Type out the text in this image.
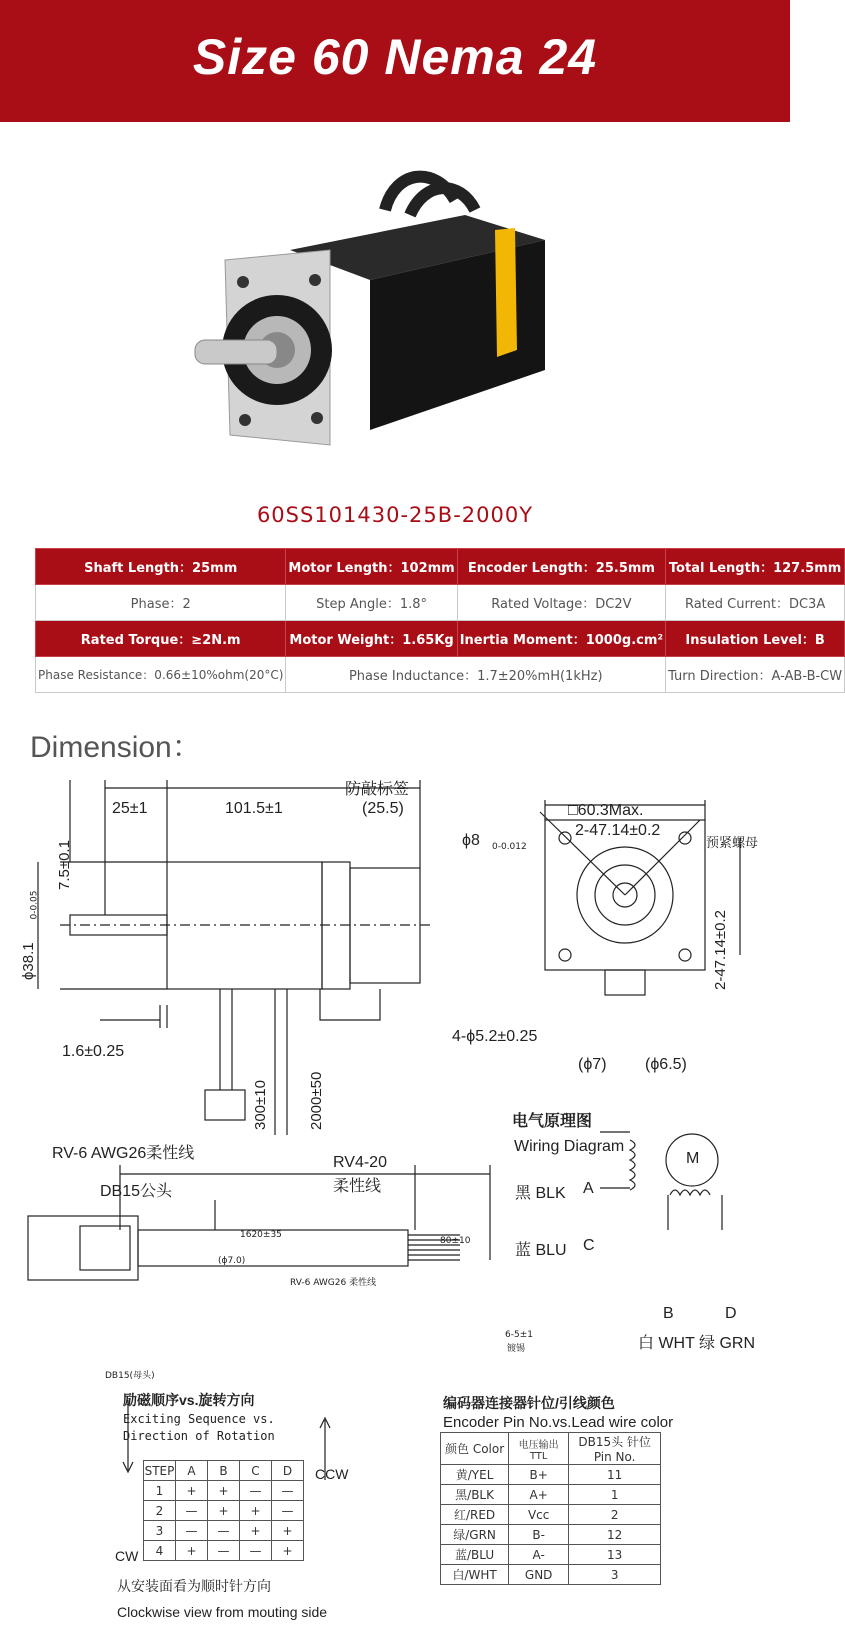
Size 60 Nema 24
60SS101430-25B-2000Y
Shaft Length：25mm	Motor Length：102mm	Encoder Length：25.5mm	Total Length：127.5mm
Phase：2	Step Angle：1.8°	Rated Voltage：DC2V	Rated Current：DC3A
Rated Torque：≥2N.m	Motor Weight：1.65Kg	Inertia Moment：1000g.cm²	Insulation Level：B
Phase Resistance：0.66±10%ohm(20°C)	Phase Inductance：1.7±20%mH(1kHz)		Turn Direction：A-AB-B-CW
Dimension：
防敲标签
25±1	101.5±1	(25.5)
7.5±0.1
ϕ38.1
0-0.05
1.6±0.25
300±10	2000±50
RV-6 AWG26柔性线
RV4-20
柔性线
DB15公头
□60.3Max.
2-47.14±0.2
ϕ8 0-0.012	预紧螺母
2-47.14±0.2
4-ϕ5.2±0.25
(ϕ7) (ϕ6.5)
电气原理图
Wiring Diagram
黑 BLK A
蓝 BLU C
M
B	D
白 WHT 绿 GRN
1620±35
80±10
(ϕ7.0)
RV-6 AWG26 柔性线
DB15(母头)
6-5±1
镀锡
励磁顺序vs.旋转方向
Exciting Sequence vs.
Direction of Rotation
STEP	A	B	C	D
1	+	+	—	—
2	—	+	+	—
3	—	—	+	+
4	+	—	—	+
CCW
CW
从安装面看为顺时针方向
Clockwise view from mouting side
编码器连接器针位/引线颜色
Encoder Pin No.vs.Lead wire color
颜色 Color	电压输出 TTL	DB15头 针位Pin No.
黄/YEL	B+	11
黑/BLK	A+	1
红/RED	Vcc	2
绿/GRN	B-	12
蓝/BLU	A-	13
白/WHT	GND	3
